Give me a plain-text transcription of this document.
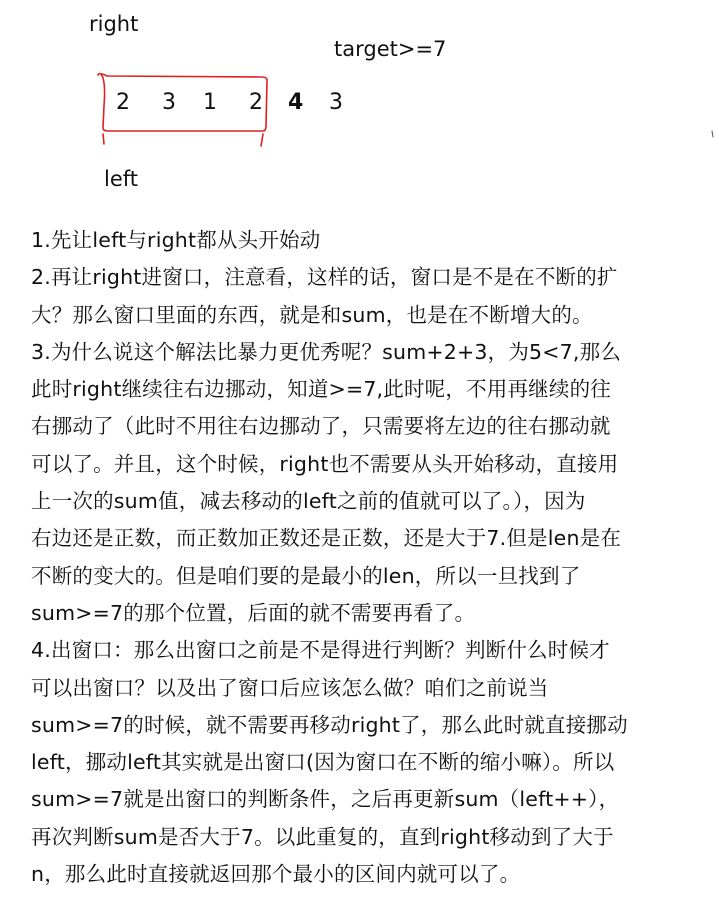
right
target>=7
2 3 1 2 4 3
left

1.先让left与right都从头开始动

2.再让right进窗口，注意看，这样的话，窗口是不是在不断的扩

大？那么窗口里面的东西，就是和sum，也是在不断增大的。

3.为什么说这个解法比暴力更优秀呢？sum+2+3，为5<7,那么

此时right继续往右边挪动，知道>=7,此时呢，不用再继续的往

右挪动了（此时不用往右边挪动了，只需要将左边的往右挪动就

可以了。并且，这个时候，right也不需要从头开始移动，直接用

上一次的sum值，减去移动的left之前的值就可以了。），因为

右边还是正数，而正数加正数还是正数，还是大于7.但是len是在

不断的变大的。但是咱们要的是最小的len，所以一旦找到了

sum>=7的那个位置，后面的就不需要再看了。

4.出窗口：那么出窗口之前是不是得进行判断？判断什么时候才

可以出窗口？以及出了窗口后应该怎么做？咱们之前说当

sum>=7的时候，就不需要再移动right了，那么此时就直接挪动

left，挪动left其实就是出窗口(因为窗口在不断的缩小嘛）。所以

sum>=7就是出窗口的判断条件，之后再更新sum（left++），

再次判断sum是否大于7。以此重复的，直到right移动到了大于

n，那么此时直接就返回那个最小的区间内就可以了。
